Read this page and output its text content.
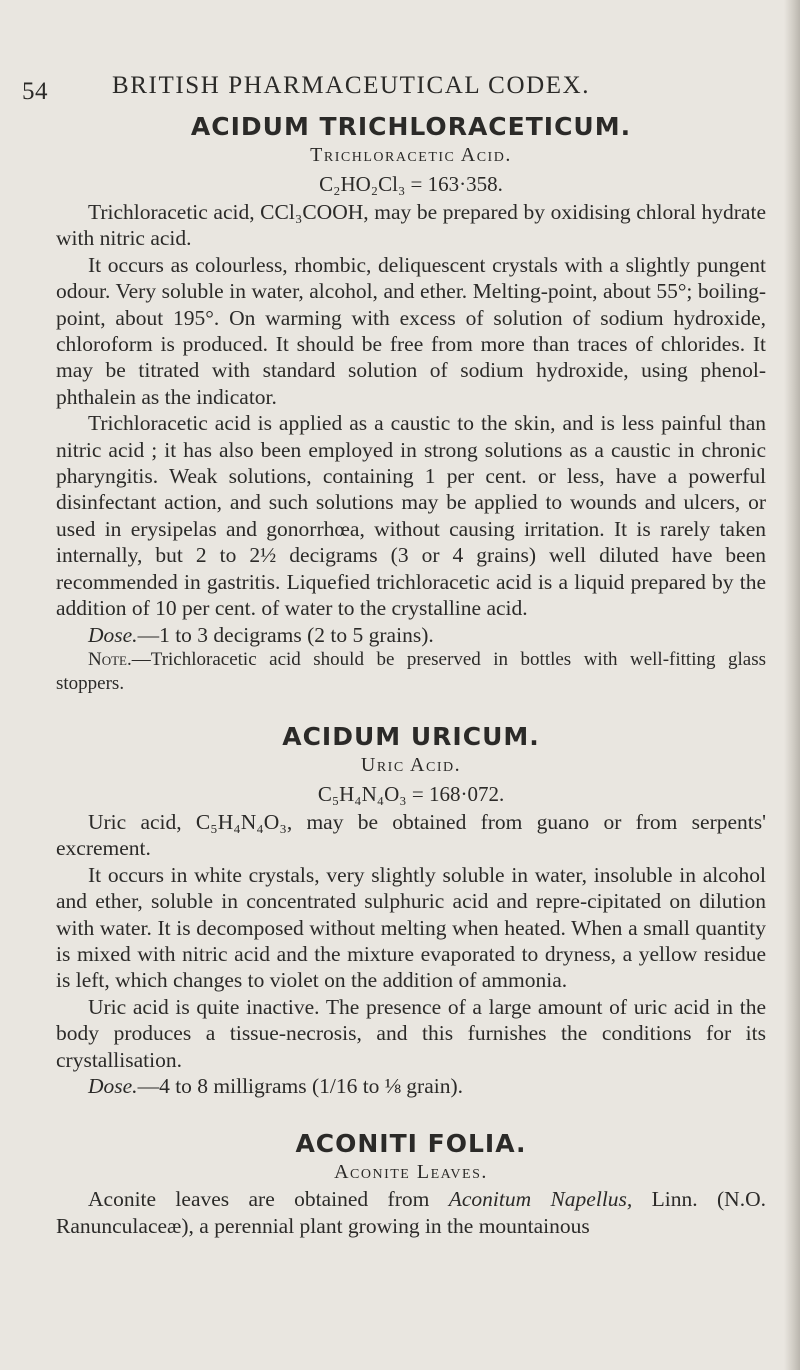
54	BRITISH PHARMACEUTICAL CODEX.
ACIDUM TRICHLORACETICUM.
Trichloracetic Acid.
C₂HO₂Cl₃ = 163·358.

Trichloracetic acid, CCl₃COOH, may be prepared by oxidising chloral hydrate with nitric acid.

It occurs as colourless, rhombic, deliquescent crystals with a slightly pungent odour. Very soluble in water, alcohol, and ether. Melting-point, about 55°; boiling-point, about 195°. On warming with excess of solution of sodium hydroxide, chloroform is produced. It should be free from more than traces of chlorides. It may be titrated with standard solution of sodium hydroxide, using phenol-phthalein as the indicator.

Trichloracetic acid is applied as a caustic to the skin, and is less painful than nitric acid ; it has also been employed in strong solutions as a caustic in chronic pharyngitis. Weak solutions, containing 1 per cent. or less, have a powerful disinfectant action, and such solutions may be applied to wounds and ulcers, or used in erysipelas and gonorrhœa, without causing irritation. It is rarely taken internally, but 2 to 2½ decigrams (3 or 4 grains) well diluted have been recommended in gastritis. Liquefied trichloracetic acid is a liquid prepared by the addition of 10 per cent. of water to the crystalline acid.

Dose.—1 to 3 decigrams (2 to 5 grains).

Note.—Trichloracetic acid should be preserved in bottles with well-fitting glass stoppers.

ACIDUM URICUM.
Uric Acid.
C₅H₄N₄O₃ = 168·072.

Uric acid, C₅H₄N₄O₃, may be obtained from guano or from serpents' excrement.

It occurs in white crystals, very slightly soluble in water, insoluble in alcohol and ether, soluble in concentrated sulphuric acid and repre-cipitated on dilution with water. It is decomposed without melting when heated. When a small quantity is mixed with nitric acid and the mixture evaporated to dryness, a yellow residue is left, which changes to violet on the addition of ammonia.

Uric acid is quite inactive. The presence of a large amount of uric acid in the body produces a tissue-necrosis, and this furnishes the conditions for its crystallisation.

Dose.—4 to 8 milligrams (1/16 to ⅛ grain).

ACONITI FOLIA.
Aconite Leaves.

Aconite leaves are obtained from Aconitum Napellus, Linn. (N.O. Ranunculaceæ), a perennial plant growing in the mountainous
